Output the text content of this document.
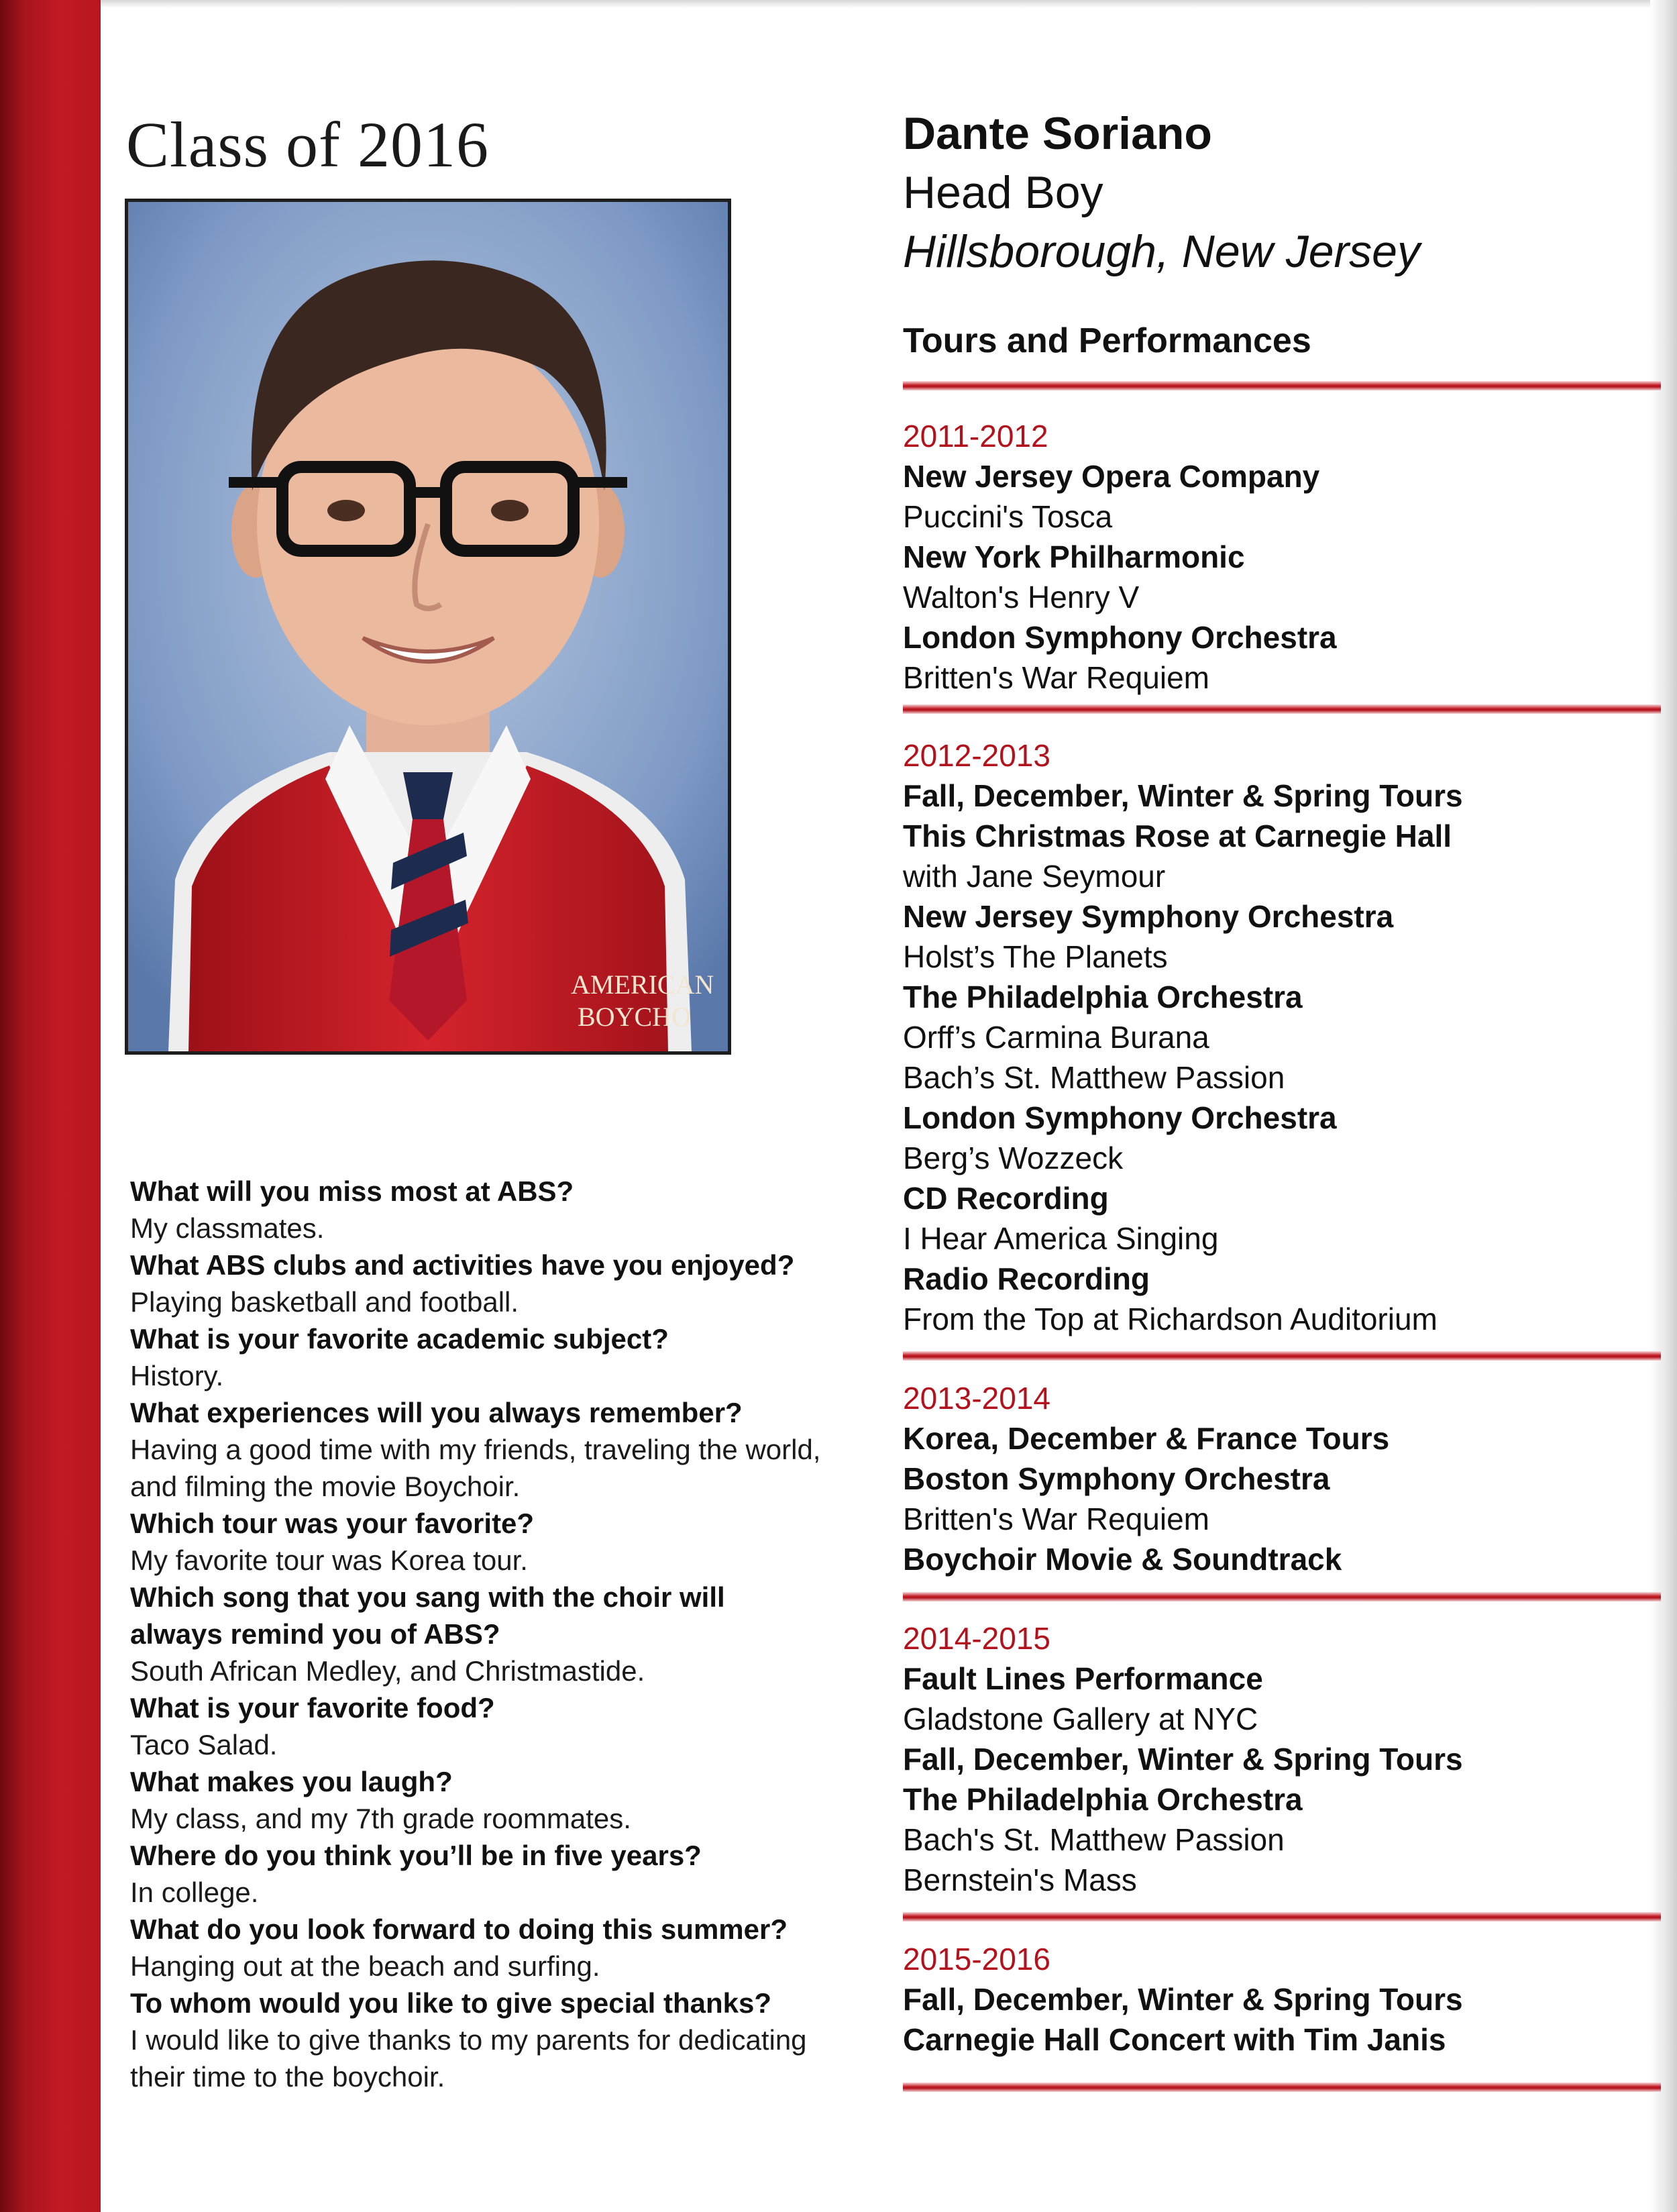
Class of 2016
AMERICAN
BOYCHO

What will you miss most at ABS?

My classmates.

What ABS clubs and activities have you enjoyed?

Playing basketball and football.

What is your favorite academic subject?

History.

What experiences will you always remember?

Having a good time with my friends, traveling the world,

and filming the movie Boychoir.

Which tour was your favorite?

My favorite tour was Korea tour.

Which song that you sang with the choir will

always remind you of ABS?

South African Medley, and Christmastide.

What is your favorite food?

Taco Salad.

What makes you laugh?

My class, and my 7th grade roommates.

Where do you think you’ll be in five years?

In college.

What do you look forward to doing this summer?

Hanging out at the beach and surfing.

To whom would you like to give special thanks?

I would like to give thanks to my parents for dedicating

their time to the boychoir.

Dante Soriano
Head Boy
Hillsborough, New Jersey
Tours and Performances

2011-2012

New Jersey Opera Company

Puccini's Tosca

New York Philharmonic

Walton's Henry V

London Symphony Orchestra

Britten's War Requiem

2012-2013

Fall, December, Winter & Spring Tours

This Christmas Rose at Carnegie Hall

with Jane Seymour

New Jersey Symphony Orchestra

Holst’s The Planets

The Philadelphia Orchestra

Orff’s Carmina Burana

Bach’s St. Matthew Passion

London Symphony Orchestra

Berg’s Wozzeck

CD Recording

I Hear America Singing

Radio Recording

From the Top at Richardson Auditorium

2013-2014

Korea, December & France Tours

Boston Symphony Orchestra

Britten's War Requiem

Boychoir Movie & Soundtrack

2014-2015

Fault Lines Performance

Gladstone Gallery at NYC

Fall, December, Winter & Spring Tours

The Philadelphia Orchestra

Bach's St. Matthew Passion

Bernstein's Mass

2015-2016

Fall, December, Winter & Spring Tours

Carnegie Hall Concert with Tim Janis
